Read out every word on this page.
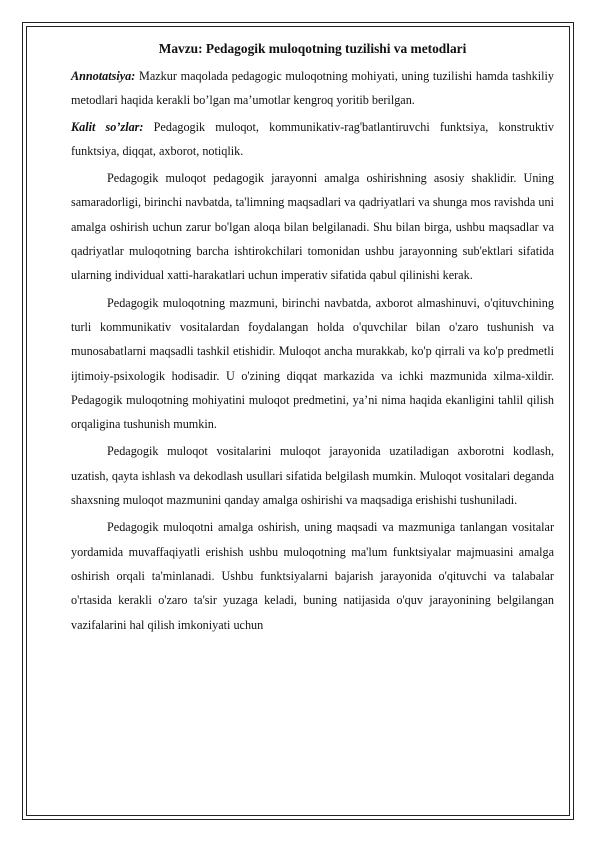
Mavzu: Pedagogik muloqotning tuzilishi va metodlari

Annotatsiya: Mazkur maqolada pedagogic muloqotning mohiyati, uning tuzilishi hamda tashkiliy metodlari haqida kerakli bo’lgan ma’umotlar kengroq yoritib berilgan.

Kalit so’zlar: Pedagogik muloqot, kommunikativ-rag'batlantiruvchi funktsiya, konstruktiv funktsiya, diqqat, axborot, notiqlik.

Pedagogik muloqot pedagogik jarayonni amalga oshirishning asosiy shaklidir. Uning samaradorligi, birinchi navbatda, ta'limning maqsadlari va qadriyatlari va shunga mos ravishda uni amalga oshirish uchun zarur bo'lgan aloqa bilan belgilanadi. Shu bilan birga, ushbu maqsadlar va qadriyatlar muloqotning barcha ishtirokchilari tomonidan ushbu jarayonning sub'ektlari sifatida ularning individual xatti-harakatlari uchun imperativ sifatida qabul qilinishi kerak.

Pedagogik muloqotning mazmuni, birinchi navbatda, axborot almashinuvi, o'qituvchining turli kommunikativ vositalardan foydalangan holda o'quvchilar bilan o'zaro tushunish va munosabatlarni maqsadli tashkil etishidir. Muloqot ancha murakkab, ko'p qirrali va ko'p predmetli ijtimoiy-psixologik hodisadir. U o'zining diqqat markazida va ichki mazmunida xilma-xildir. Pedagogik muloqotning mohiyatini muloqot predmetini, ya’ni nima haqida ekanligini tahlil qilish orqaligina tushunish mumkin.

Pedagogik muloqot vositalarini muloqot jarayonida uzatiladigan axborotni kodlash, uzatish, qayta ishlash va dekodlash usullari sifatida belgilash mumkin. Muloqot vositalari deganda shaxsning muloqot mazmunini qanday amalga oshirishi va maqsadiga erishishi tushuniladi.

Pedagogik muloqotni amalga oshirish, uning maqsadi va mazmuniga tanlangan vositalar yordamida muvaffaqiyatli erishish ushbu muloqotning ma'lum funktsiyalar majmuasini amalga oshirish orqali ta'minlanadi. Ushbu funktsiyalarni bajarish jarayonida o'qituvchi va talabalar o'rtasida kerakli o'zaro ta'sir yuzaga keladi, buning natijasida o'quv jarayonining belgilangan vazifalarini hal qilish imkoniyati uchun
